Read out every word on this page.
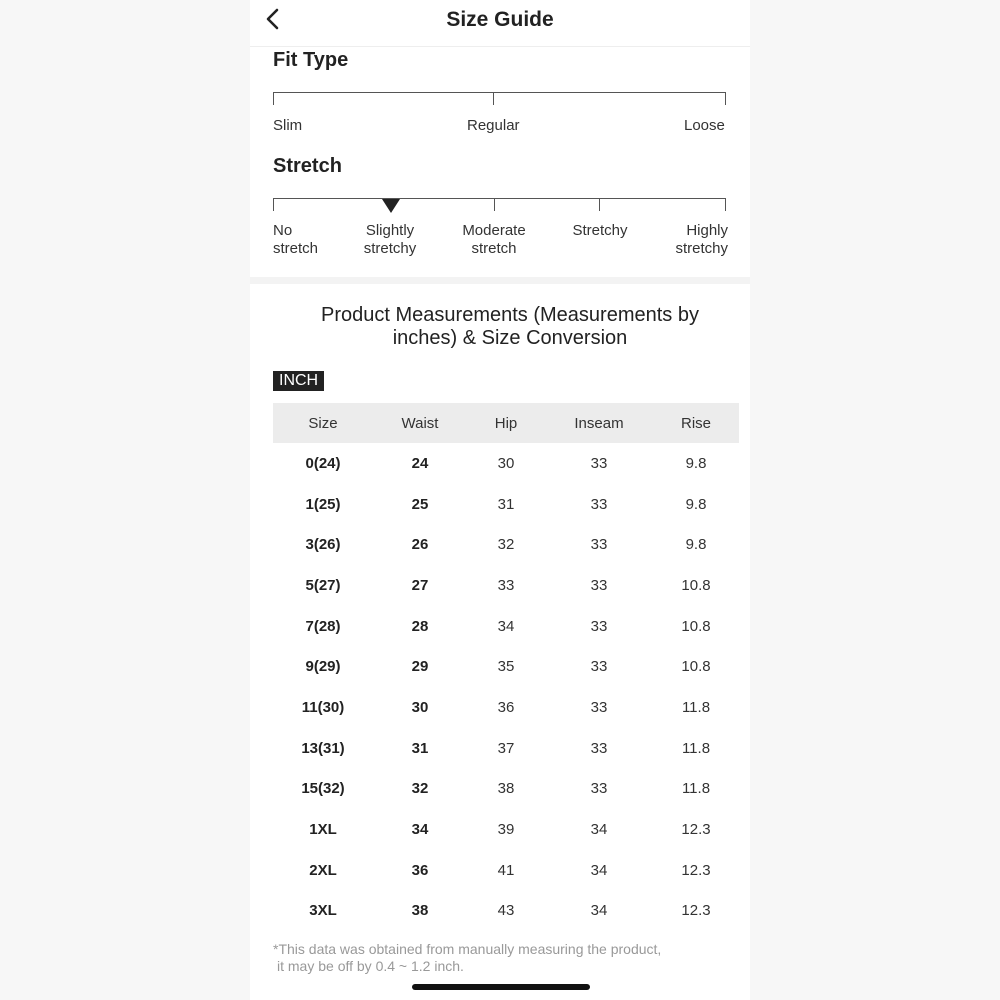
Size Guide
Fit Type
Slim	Regular	Loose
Stretch
No
stretch
Slightly
stretchy
Moderate
stretch
Stretchy	Highly
stretchy
Product Measurements (Measurements by inches) & Size Conversion
INCH
Size	Waist	Hip	Inseam	Rise
0(24)	24	30	33	9.8
1(25)	25	31	33	9.8
3(26)	26	32	33	9.8
5(27)	27	33	33	10.8
7(28)	28	34	33	10.8
9(29)	29	35	33	10.8
11(30)	30	36	33	11.8
13(31)	31	37	33	11.8
15(32)	32	38	33	11.8
1XL	34	39	34	12.3
2XL	36	41	34	12.3
3XL	38	43	34	12.3
*This data was obtained from manually measuring the product,
it may be off by 0.4 ~ 1.2 inch.
